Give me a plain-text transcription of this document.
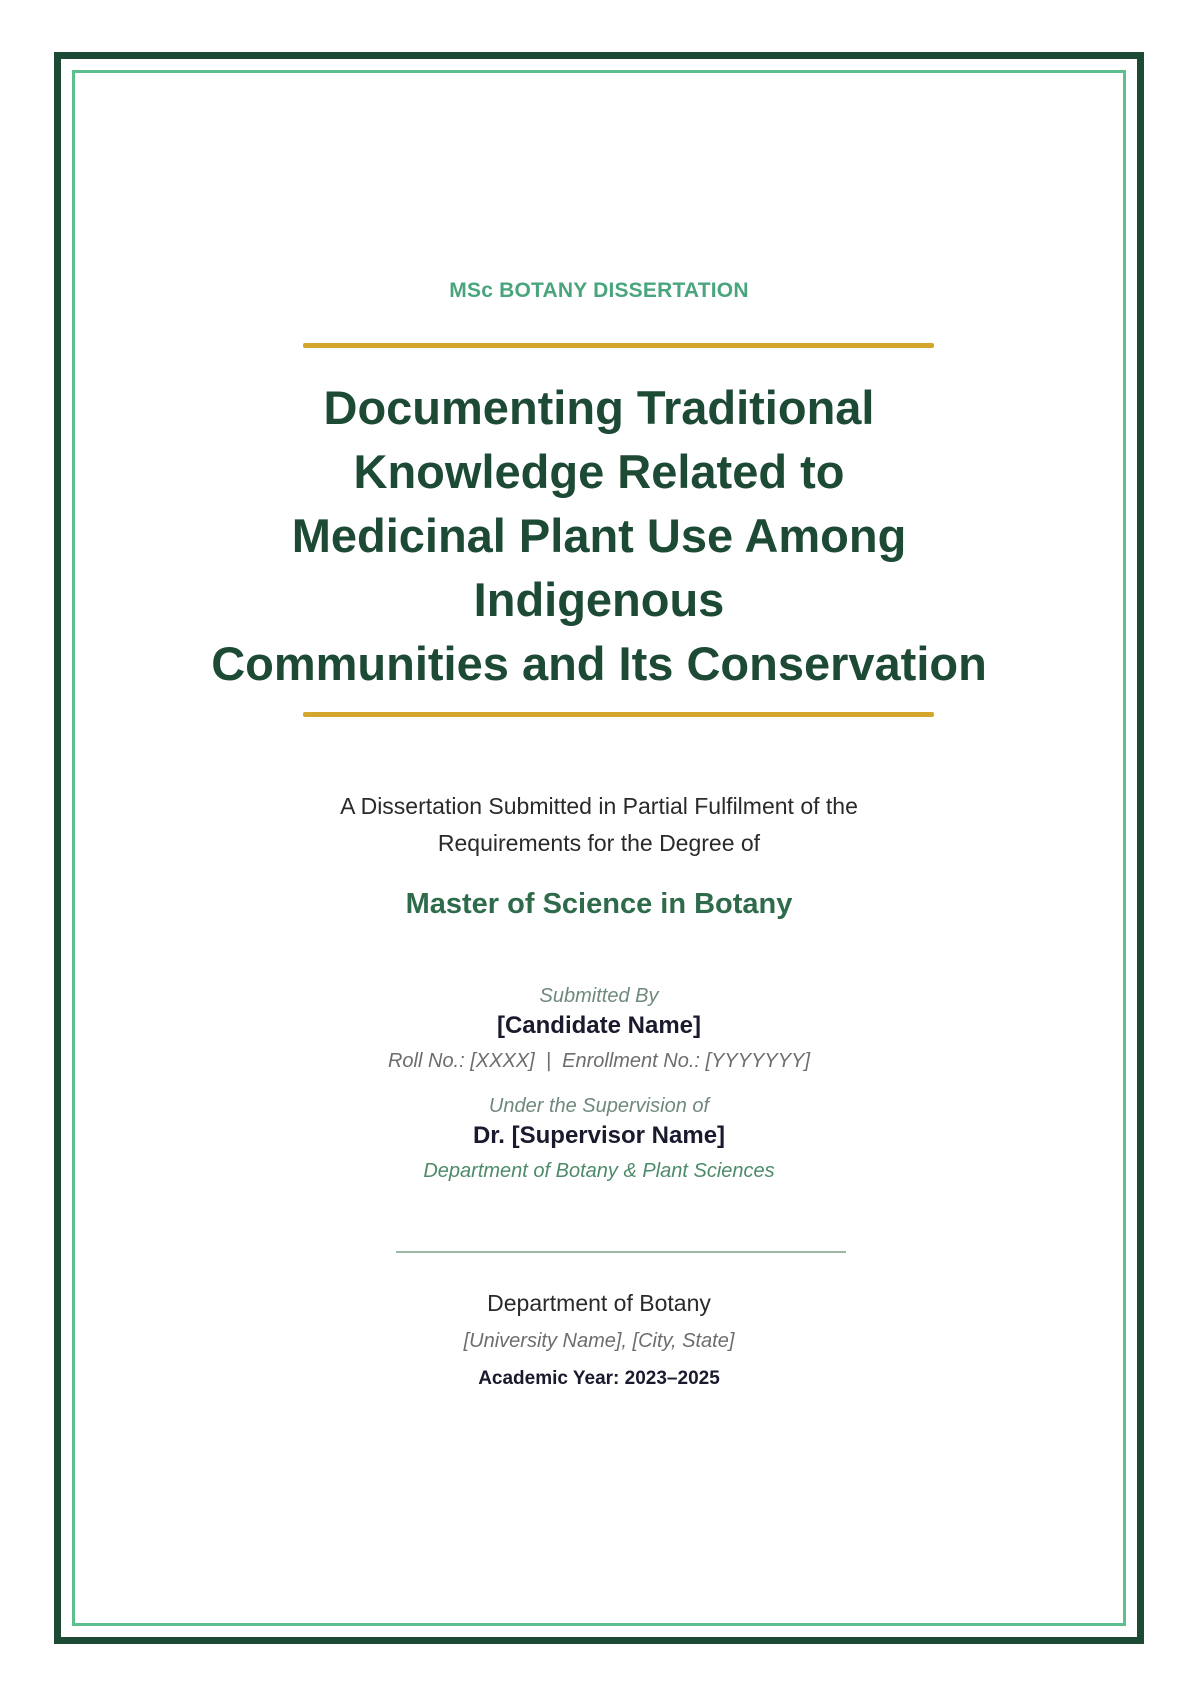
MSc BOTANY DISSERTATION
Documenting Traditional
Knowledge Related to
Medicinal Plant Use Among
Indigenous
Communities and Its Conservation
A Dissertation Submitted in Partial Fulfilment of the
Requirements for the Degree of
Master of Science in Botany
Submitted By
[Candidate Name]
Roll No.: [XXXX]  |  Enrollment No.: [YYYYYYY]
Under the Supervision of
Dr. [Supervisor Name]
Department of Botany & Plant Sciences
Department of Botany
[University Name], [City, State]
Academic Year: 2023–2025
